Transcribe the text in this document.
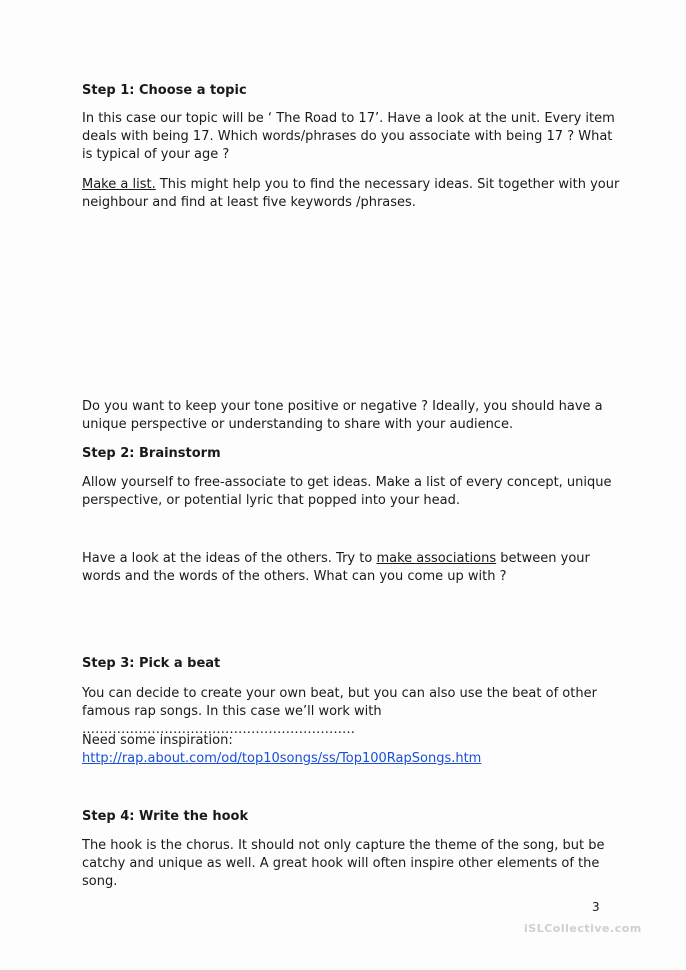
Step 1: Choose a topic
In this case our topic will be ‘ The Road to 17’. Have a look at the unit. Every item deals with being 17. Which words/phrases do you associate with being 17 ? What is typical of your age ?
Make a list. This might help you to find the necessary ideas. Sit together with your neighbour and find at least five keywords /phrases.
Do you want to keep your tone positive or negative ? Ideally, you should have a unique perspective or understanding to share with your audience.
Step 2: Brainstorm
Allow yourself to free-associate to get ideas. Make a list of every concept, unique perspective, or potential lyric that popped into your head.
Have a look at the ideas of the others. Try to make associations between your words and the words of the others. What can you come up with ?
Step 3: Pick a beat
You can decide to create your own beat, but you can also use the beat of other famous rap songs. In this case we’ll work with ………………………………………………………
Need some inspiration:
http://rap.about.com/od/top10songs/ss/Top100RapSongs.htm
Step 4: Write the hook
The hook is the chorus. It should not only capture the theme of the song, but be catchy and unique as well. A great hook will often inspire other elements of the song.
3
iSLCollective.com
